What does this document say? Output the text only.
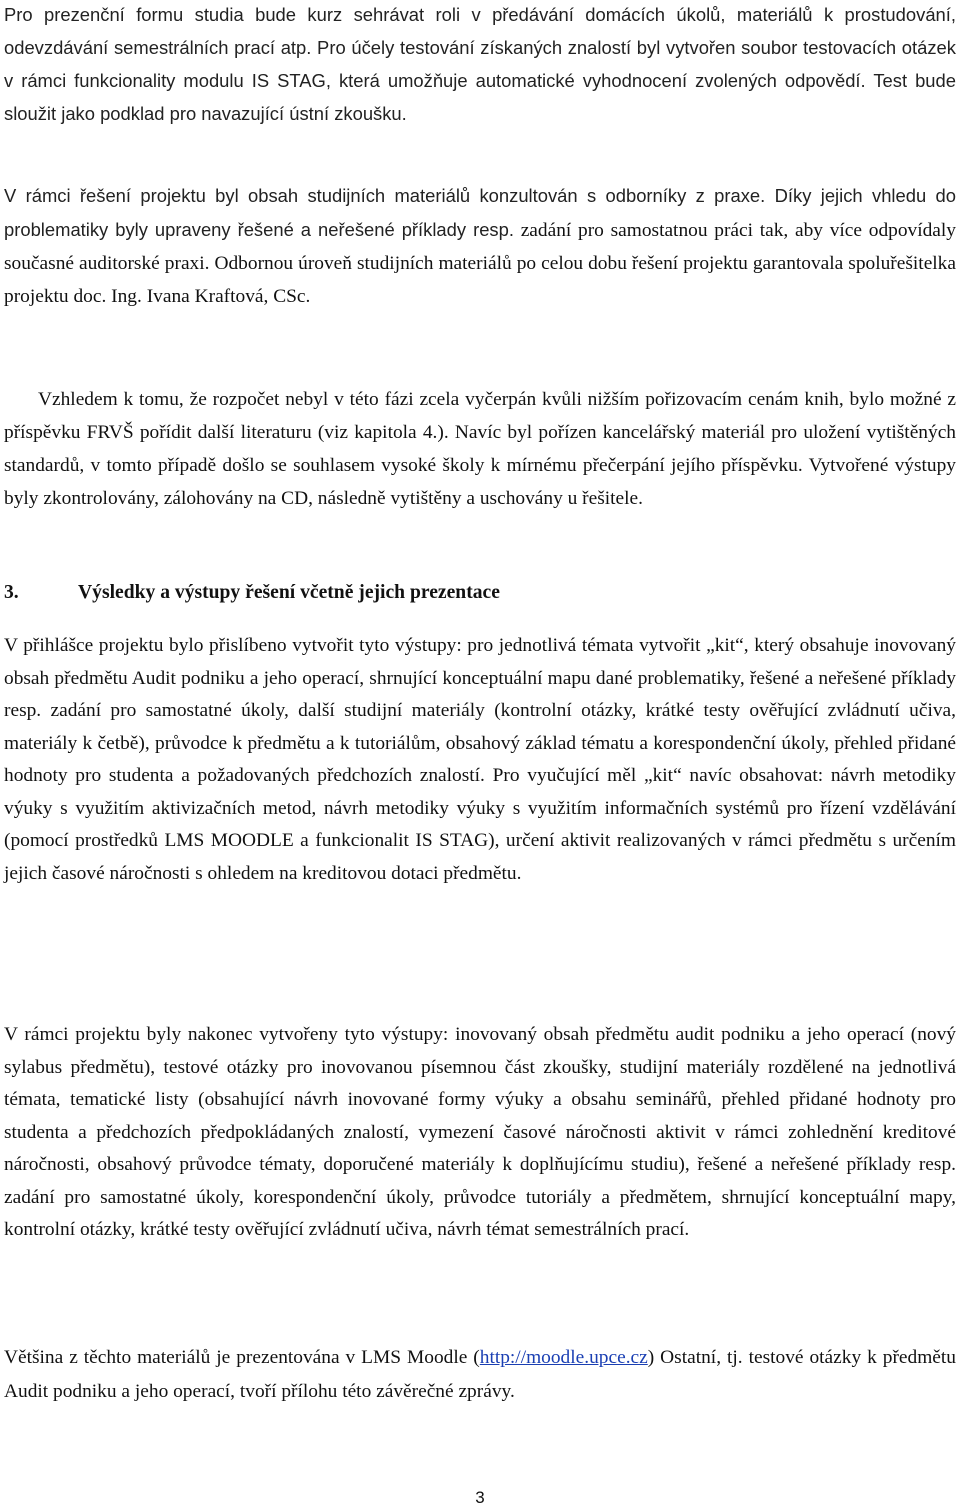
Pro prezenční formu studia bude kurz sehrávat roli v předávání domácích úkolů, materiálů k prostudování, odevzdávání semestrálních prací atp. Pro účely testování získaných znalostí byl vytvořen soubor testovacích otázek v rámci funkcionality modulu IS STAG, která umožňuje automatické vyhodnocení zvolených odpovědí. Test bude sloužit jako podklad pro navazující ústní zkoušku.

V rámci řešení projektu byl obsah studijních materiálů konzultován s odborníky z praxe. Díky jejich vhledu do problematiky byly upraveny řešené a neřešené příklady resp. zadání pro samostatnou práci tak, aby více odpovídaly současné auditorské praxi. Odbornou úroveň studijních materiálů po celou dobu řešení projektu garantovala spoluřešitelka projektu doc. Ing. Ivana Kraftová, CSc.

Vzhledem k tomu, že rozpočet nebyl v této fázi zcela vyčerpán kvůli nižším pořizovacím cenám knih, bylo možné z příspěvku FRVŠ pořídit další literaturu (viz kapitola 4.). Navíc byl pořízen kancelářský materiál pro uložení vytištěných standardů, v tomto případě došlo se souhlasem vysoké školy k mírnému přečerpání jejího příspěvku. Vytvořené výstupy byly zkontrolovány, zálohovány na CD, následně vytištěny a uschovány u řešitele.

3.	Výsledky a výstupy řešení včetně jejich prezentace

V přihlášce projektu bylo přislíbeno vytvořit tyto výstupy: pro jednotlivá témata vytvořit „kit“, který obsahuje inovovaný obsah předmětu Audit podniku a jeho operací, shrnující konceptuální mapu dané problematiky, řešené a neřešené příklady resp. zadání pro samostatné úkoly, další studijní materiály (kontrolní otázky, krátké testy ověřující zvládnutí učiva, materiály k četbě), průvodce k předmětu a k tutoriálům, obsahový základ tématu a korespondenční úkoly, přehled přidané hodnoty pro studenta a požadovaných předchozích znalostí. Pro vyučující měl „kit“ navíc obsahovat: návrh metodiky výuky s využitím aktivizačních metod, návrh metodiky výuky s využitím informačních systémů pro řízení vzdělávání (pomocí prostředků LMS MOODLE a funkcionalit IS STAG), určení aktivit realizovaných v rámci předmětu s určením jejich časové náročnosti s ohledem na kreditovou dotaci předmětu.

V rámci projektu byly nakonec vytvořeny tyto výstupy: inovovaný obsah předmětu audit podniku a jeho operací (nový sylabus předmětu), testové otázky pro inovovanou písemnou část zkoušky, studijní materiály rozdělené na jednotlivá témata, tematické listy (obsahující návrh inovované formy výuky a obsahu seminářů, přehled přidané hodnoty pro studenta a předchozích předpokládaných znalostí, vymezení časové náročnosti aktivit v rámci zohlednění kreditové náročnosti, obsahový průvodce tématy, doporučené materiály k doplňujícímu studiu), řešené a neřešené příklady resp. zadání pro samostatné úkoly, korespondenční úkoly, průvodce tutoriály a předmětem, shrnující konceptuální mapy, kontrolní otázky, krátké testy ověřující zvládnutí učiva, návrh témat semestrálních prací.

Většina z těchto materiálů je prezentována v LMS Moodle (http://moodle.upce.cz) Ostatní, tj. testové otázky k předmětu Audit podniku a jeho operací, tvoří přílohu této závěrečné zprávy.

3
